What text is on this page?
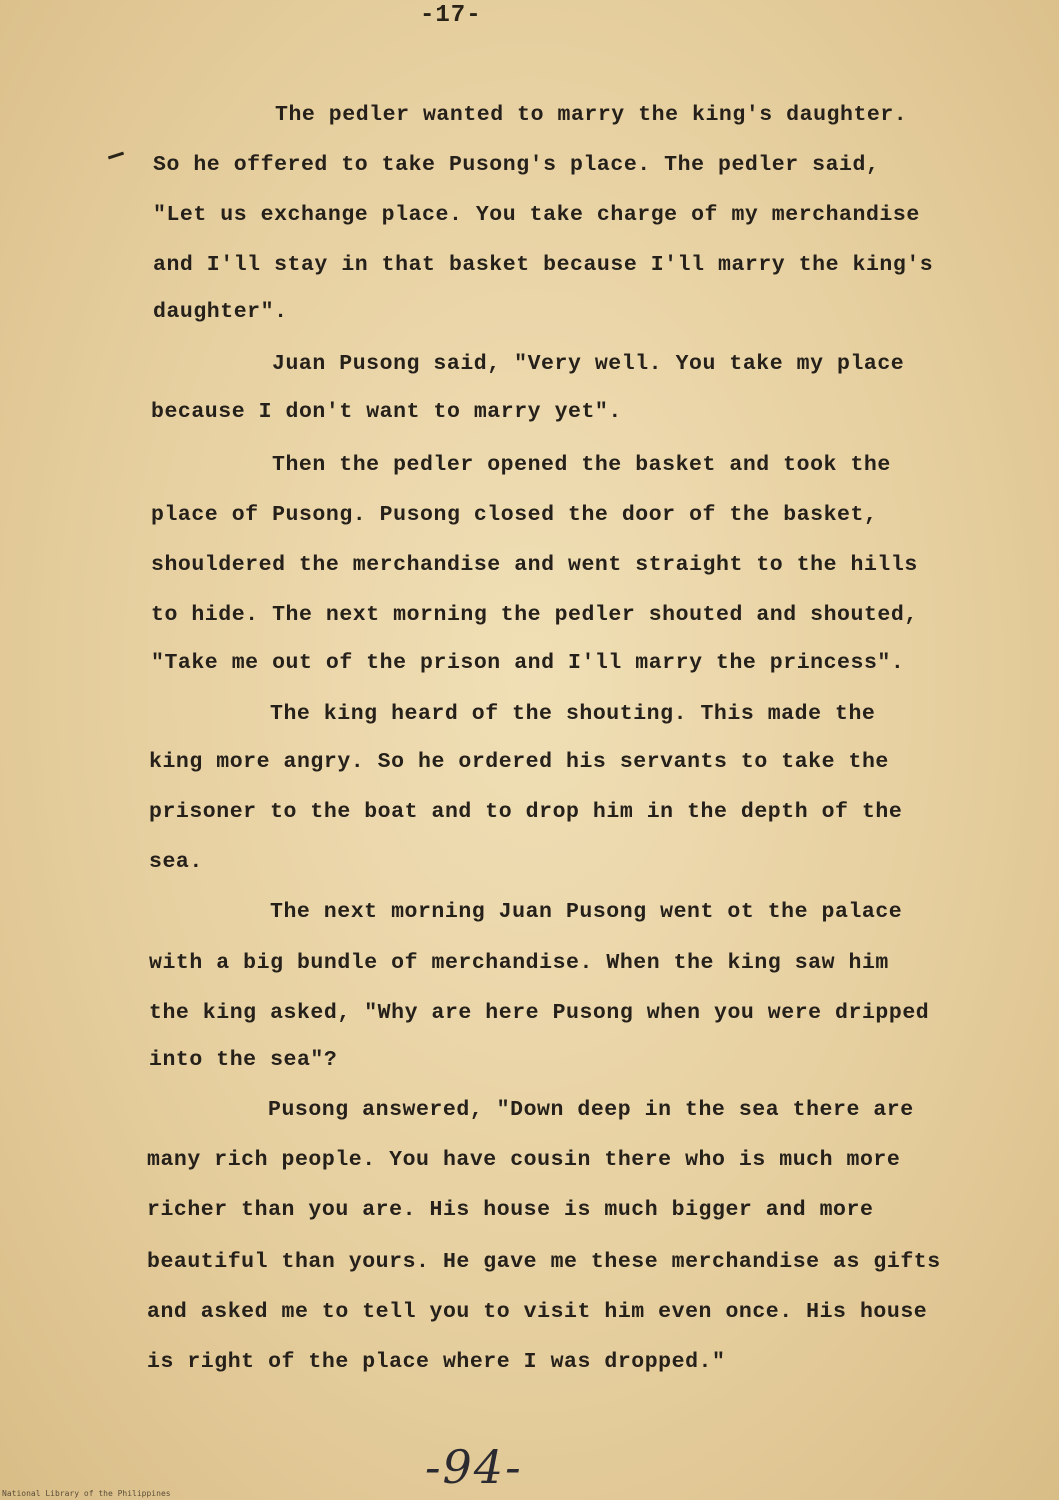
-17-
The pedler wanted to marry the king's daughter.
So he offered to take Pusong's place. The pedler said,
"Let us exchange place. You take charge of my merchandise
and I'll stay in that basket because I'll marry the king's
daughter".
Juan Pusong said, "Very well. You take my place
because I don't want to marry yet".
Then the pedler opened the basket and took the
place of Pusong. Pusong closed the door of the basket,
shouldered the merchandise and went straight to the hills
to hide. The next morning the pedler shouted and shouted,
"Take me out of the prison and I'll marry the princess".
The king heard of the shouting. This made the
king more angry. So he ordered his servants to take the
prisoner to the boat and to drop him in the depth of the
sea.
The next morning Juan Pusong went ot the palace
with a big bundle of merchandise. When the king saw him
the king asked, "Why are here Pusong when you were dripped
into the sea"?
Pusong answered, "Down deep in the sea there are
many rich people. You have cousin there who is much more
richer than you are. His house is much bigger and more
beautiful than yours. He gave me these merchandise as gifts
and asked me to tell you to visit him even once. His house
is right of the place where I was dropped."
-94-
National Library of the Philippines
